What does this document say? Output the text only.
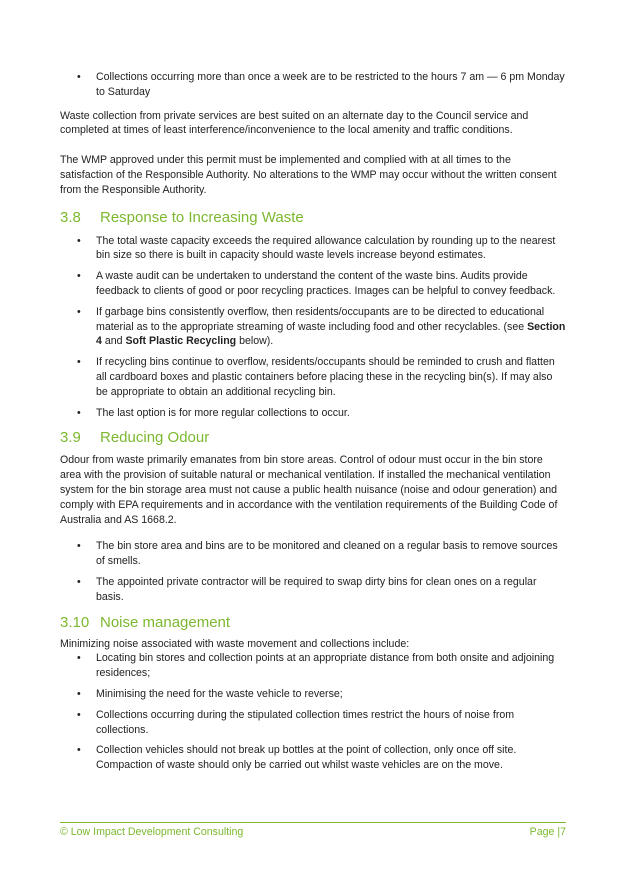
• Collections occurring more than once a week are to be restricted to the hours 7 am — 6 pm Monday to Saturday

Waste collection from private services are best suited on an alternate day to the Council service and completed at times of least interference/inconvenience to the local amenity and traffic conditions.

The WMP approved under this permit must be implemented and complied with at all times to the satisfaction of the Responsible Authority. No alterations to the WMP may occur without the written consent from the Responsible Authority.

3.8 Response to Increasing Waste
• The total waste capacity exceeds the required allowance calculation by rounding up to the nearest bin size so there is built in capacity should waste levels increase beyond estimates.
• A waste audit can be undertaken to understand the content of the waste bins. Audits provide feedback to clients of good or poor recycling practices. Images can be helpful to convey feedback.
• If garbage bins consistently overflow, then residents/occupants are to be directed to educational material as to the appropriate streaming of waste including food and other recyclables. (see Section 4 and Soft Plastic Recycling below).
• If recycling bins continue to overflow, residents/occupants should be reminded to crush and flatten all cardboard boxes and plastic containers before placing these in the recycling bin(s). If may also be appropriate to obtain an additional recycling bin.
• The last option is for more regular collections to occur.
3.9 Reducing Odour

Odour from waste primarily emanates from bin store areas. Control of odour must occur in the bin store area with the provision of suitable natural or mechanical ventilation. If installed the mechanical ventilation system for the bin storage area must not cause a public health nuisance (noise and odour generation) and comply with EPA requirements and in accordance with the ventilation requirements of the Building Code of Australia and AS 1668.2.

• The bin store area and bins are to be monitored and cleaned on a regular basis to remove sources of smells.
• The appointed private contractor will be required to swap dirty bins for clean ones on a regular basis.
3.10 Noise management

Minimizing noise associated with waste movement and collections include:

• Locating bin stores and collection points at an appropriate distance from both onsite and adjoining residences;
• Minimising the need for the waste vehicle to reverse;
• Collections occurring during the stipulated collection times restrict the hours of noise from collections.
• Collection vehicles should not break up bottles at the point of collection, only once off site. Compaction of waste should only be carried out whilst waste vehicles are on the move.
© Low Impact Development Consulting	Page |7
